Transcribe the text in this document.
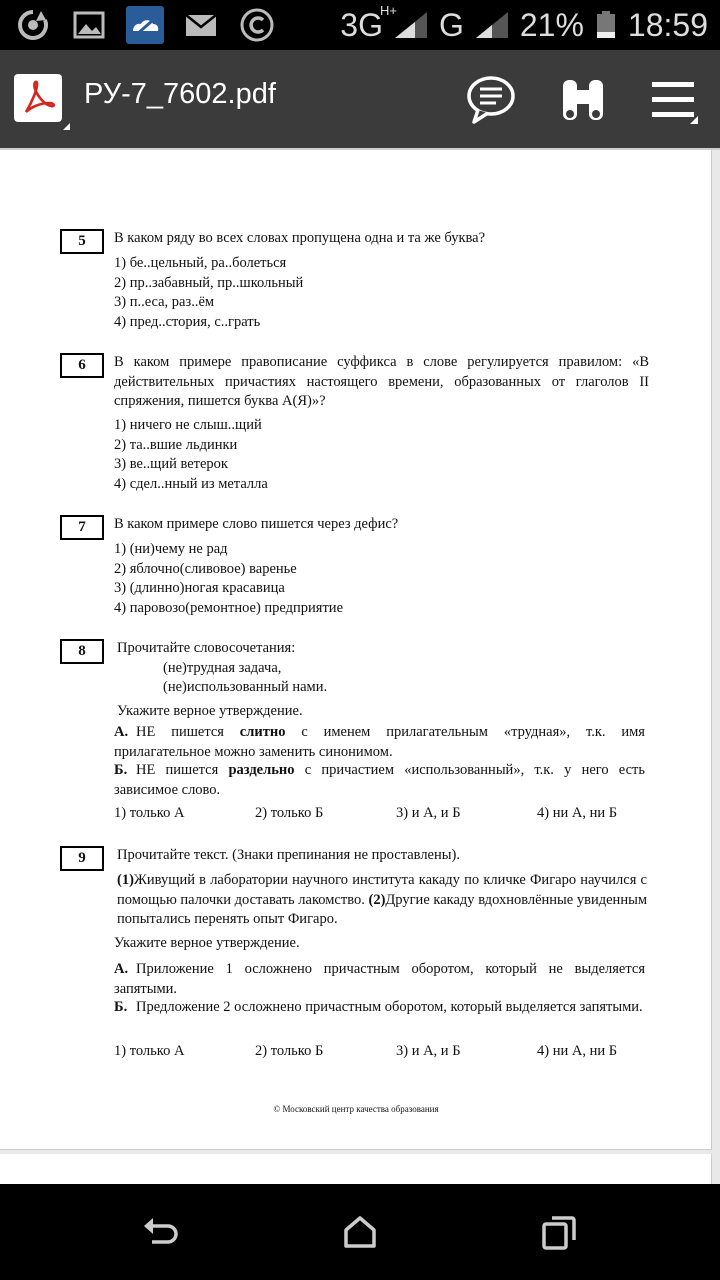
3G
H+ G 21% 18:59
РУ-7_7602.pdf
5	В каком ряду во всех словах пропущена одна и та же буква?
1) бе..цельный, ра..болеться
2) пр..забавный, пр..школьный
3) п..еса, раз..ём
4) пред..стория, с..грать
6	В каком примере правописание суффикса в слове регулируется правилом: «В действительных причастиях настоящего времени, образованных от глаголов II спряжения, пишется буква А(Я)»?
1) ничего не слыш..щий
2) та..вшие льдинки
3) ве..щий ветерок
4) сдел..нный из металла
7	В каком примере слово пишется через дефис?
1) (ни)чему не рад
2) яблочно(сливовое) варенье
3) (длинно)ногая красавица
4) паровозо(ремонтное) предприятие
8	Прочитайте словосочетания:
(не)трудная задача,
(не)использованный нами.
Укажите верное утверждение.
А. НЕ пишется слитно с именем прилагательным «трудная», т.к. имя прилагательное можно заменить синонимом.
Б. НЕ пишется раздельно с причастием «использованный», т.к. у него есть зависимое слово.
1) только А	2) только Б	3) и А, и Б	4) ни А, ни Б
9	Прочитайте текст. (Знаки препинания не проставлены).
(1)Живущий в лаборатории научного института какаду по кличке Фигаро научился с помощью палочки доставать лакомство. (2)Другие какаду вдохновлённые увиденным попытались перенять опыт Фигаро.
Укажите верное утверждение.
А. Приложение 1 осложнено причастным оборотом, который не выделяется запятыми.
Б. Предложение 2 осложнено причастным оборотом, который выделяется запятыми.
1) только А	2) только Б	3) и А, и Б	4) ни А, ни Б
© Московский центр качества образования
